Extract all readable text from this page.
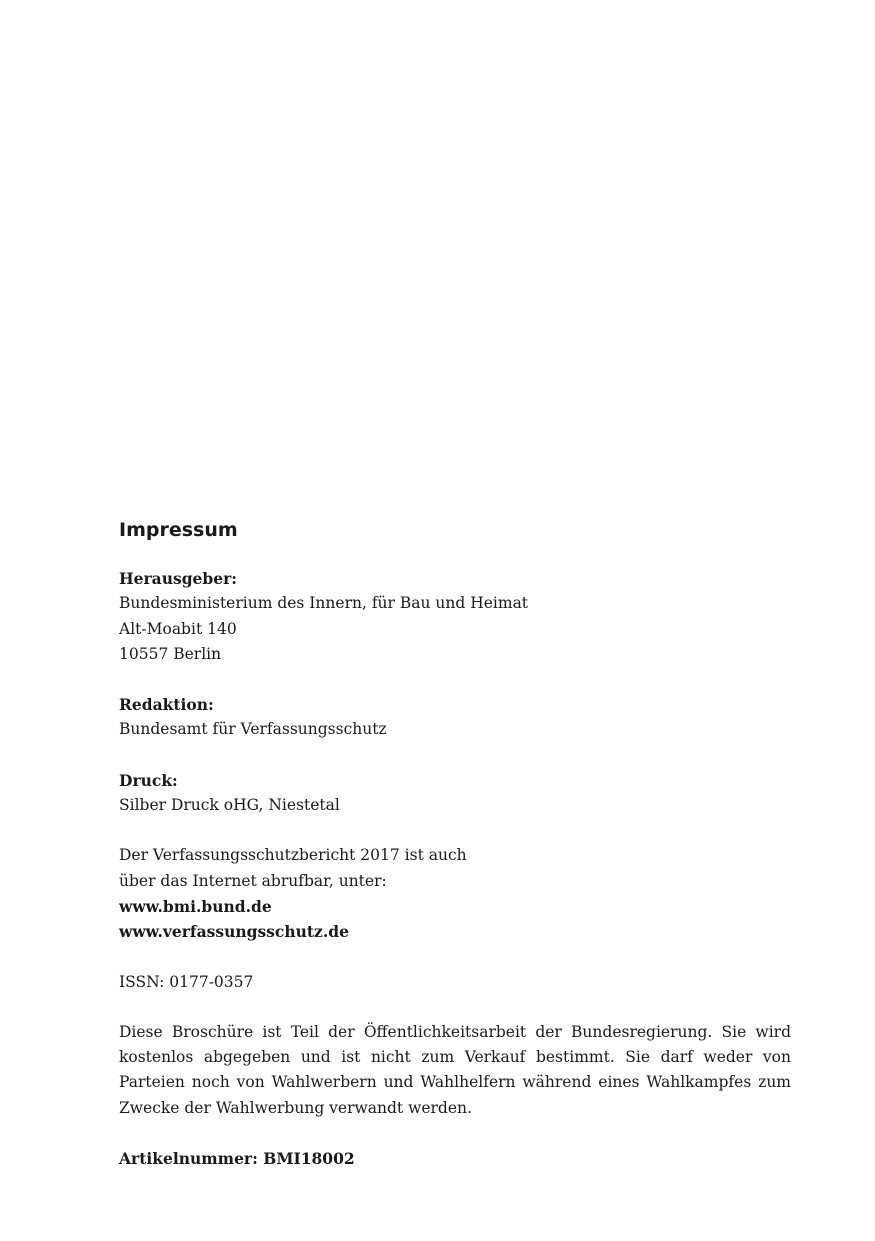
Impressum
Herausgeber:
Bundesministerium des Innern, für Bau und Heimat
Alt-Moabit 140
10557 Berlin
Redaktion:
Bundesamt für Verfassungsschutz
Druck:
Silber Druck oHG, Niestetal
Der Verfassungsschutzbericht 2017 ist auch
über das Internet abrufbar, unter:
www.bmi.bund.de
www.verfassungsschutz.de
ISSN: 0177-0357

Diese Broschüre ist Teil der Öffentlichkeitsarbeit der Bundesregierung. Sie wird kostenlos abgegeben und ist nicht zum Verkauf bestimmt. Sie darf weder von Parteien noch von Wahlwerbern und Wahlhelfern während eines Wahlkampfes zum Zwecke der Wahlwerbung verwandt werden.

Artikelnummer: BMI18002
